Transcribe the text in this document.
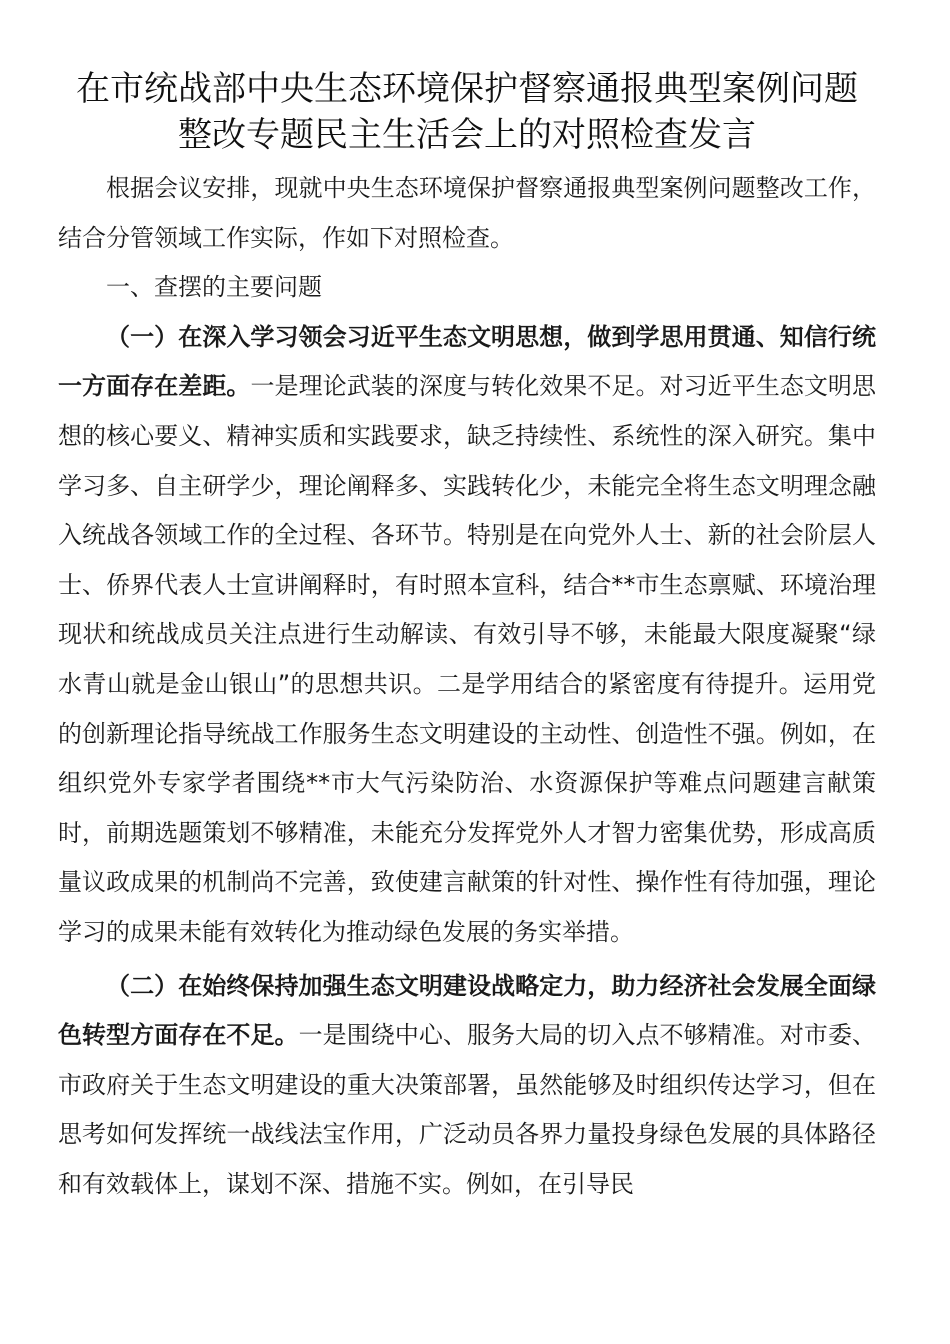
在市统战部中央生态环境保护督察通报典型案例问题
整改专题民主生活会上的对照检查发言

根据会议安排，现就中央生态环境保护督察通报典型案例问题整改工作，结合分管领域工作实际，作如下对照检查。

一、查摆的主要问题

（一）在深入学习领会习近平生态文明思想，做到学思用贯通、知信行统一方面存在差距。一是理论武装的深度与转化效果不足。对习近平生态文明思想的核心要义、精神实质和实践要求，缺乏持续性、系统性的深入研究。集中学习多、自主研学少，理论阐释多、实践转化少，未能完全将生态文明理念融入统战各领域工作的全过程、各环节。特别是在向党外人士、新的社会阶层人士、侨界代表人士宣讲阐释时，有时照本宣科，结合**市生态禀赋、环境治理现状和统战成员关注点进行生动解读、有效引导不够，未能最大限度凝聚“绿水青山就是金山银山”的思想共识。二是学用结合的紧密度有待提升。运用党的创新理论指导统战工作服务生态文明建设的主动性、创造性不强。例如，在组织党外专家学者围绕**市大气污染防治、水资源保护等难点问题建言献策时，前期选题策划不够精准，未能充分发挥党外人才智力密集优势，形成高质量议政成果的机制尚不完善，致使建言献策的针对性、操作性有待加强，理论学习的成果未能有效转化为推动绿色发展的务实举措。

（二）在始终保持加强生态文明建设战略定力，助力经济社会发展全面绿色转型方面存在不足。一是围绕中心、服务大局的切入点不够精准。对市委、市政府关于生态文明建设的重大决策部署，虽然能够及时组织传达学习，但在思考如何发挥统一战线法宝作用，广泛动员各界力量投身绿色发展的具体路径和有效载体上，谋划不深、措施不实。例如，在引导民
